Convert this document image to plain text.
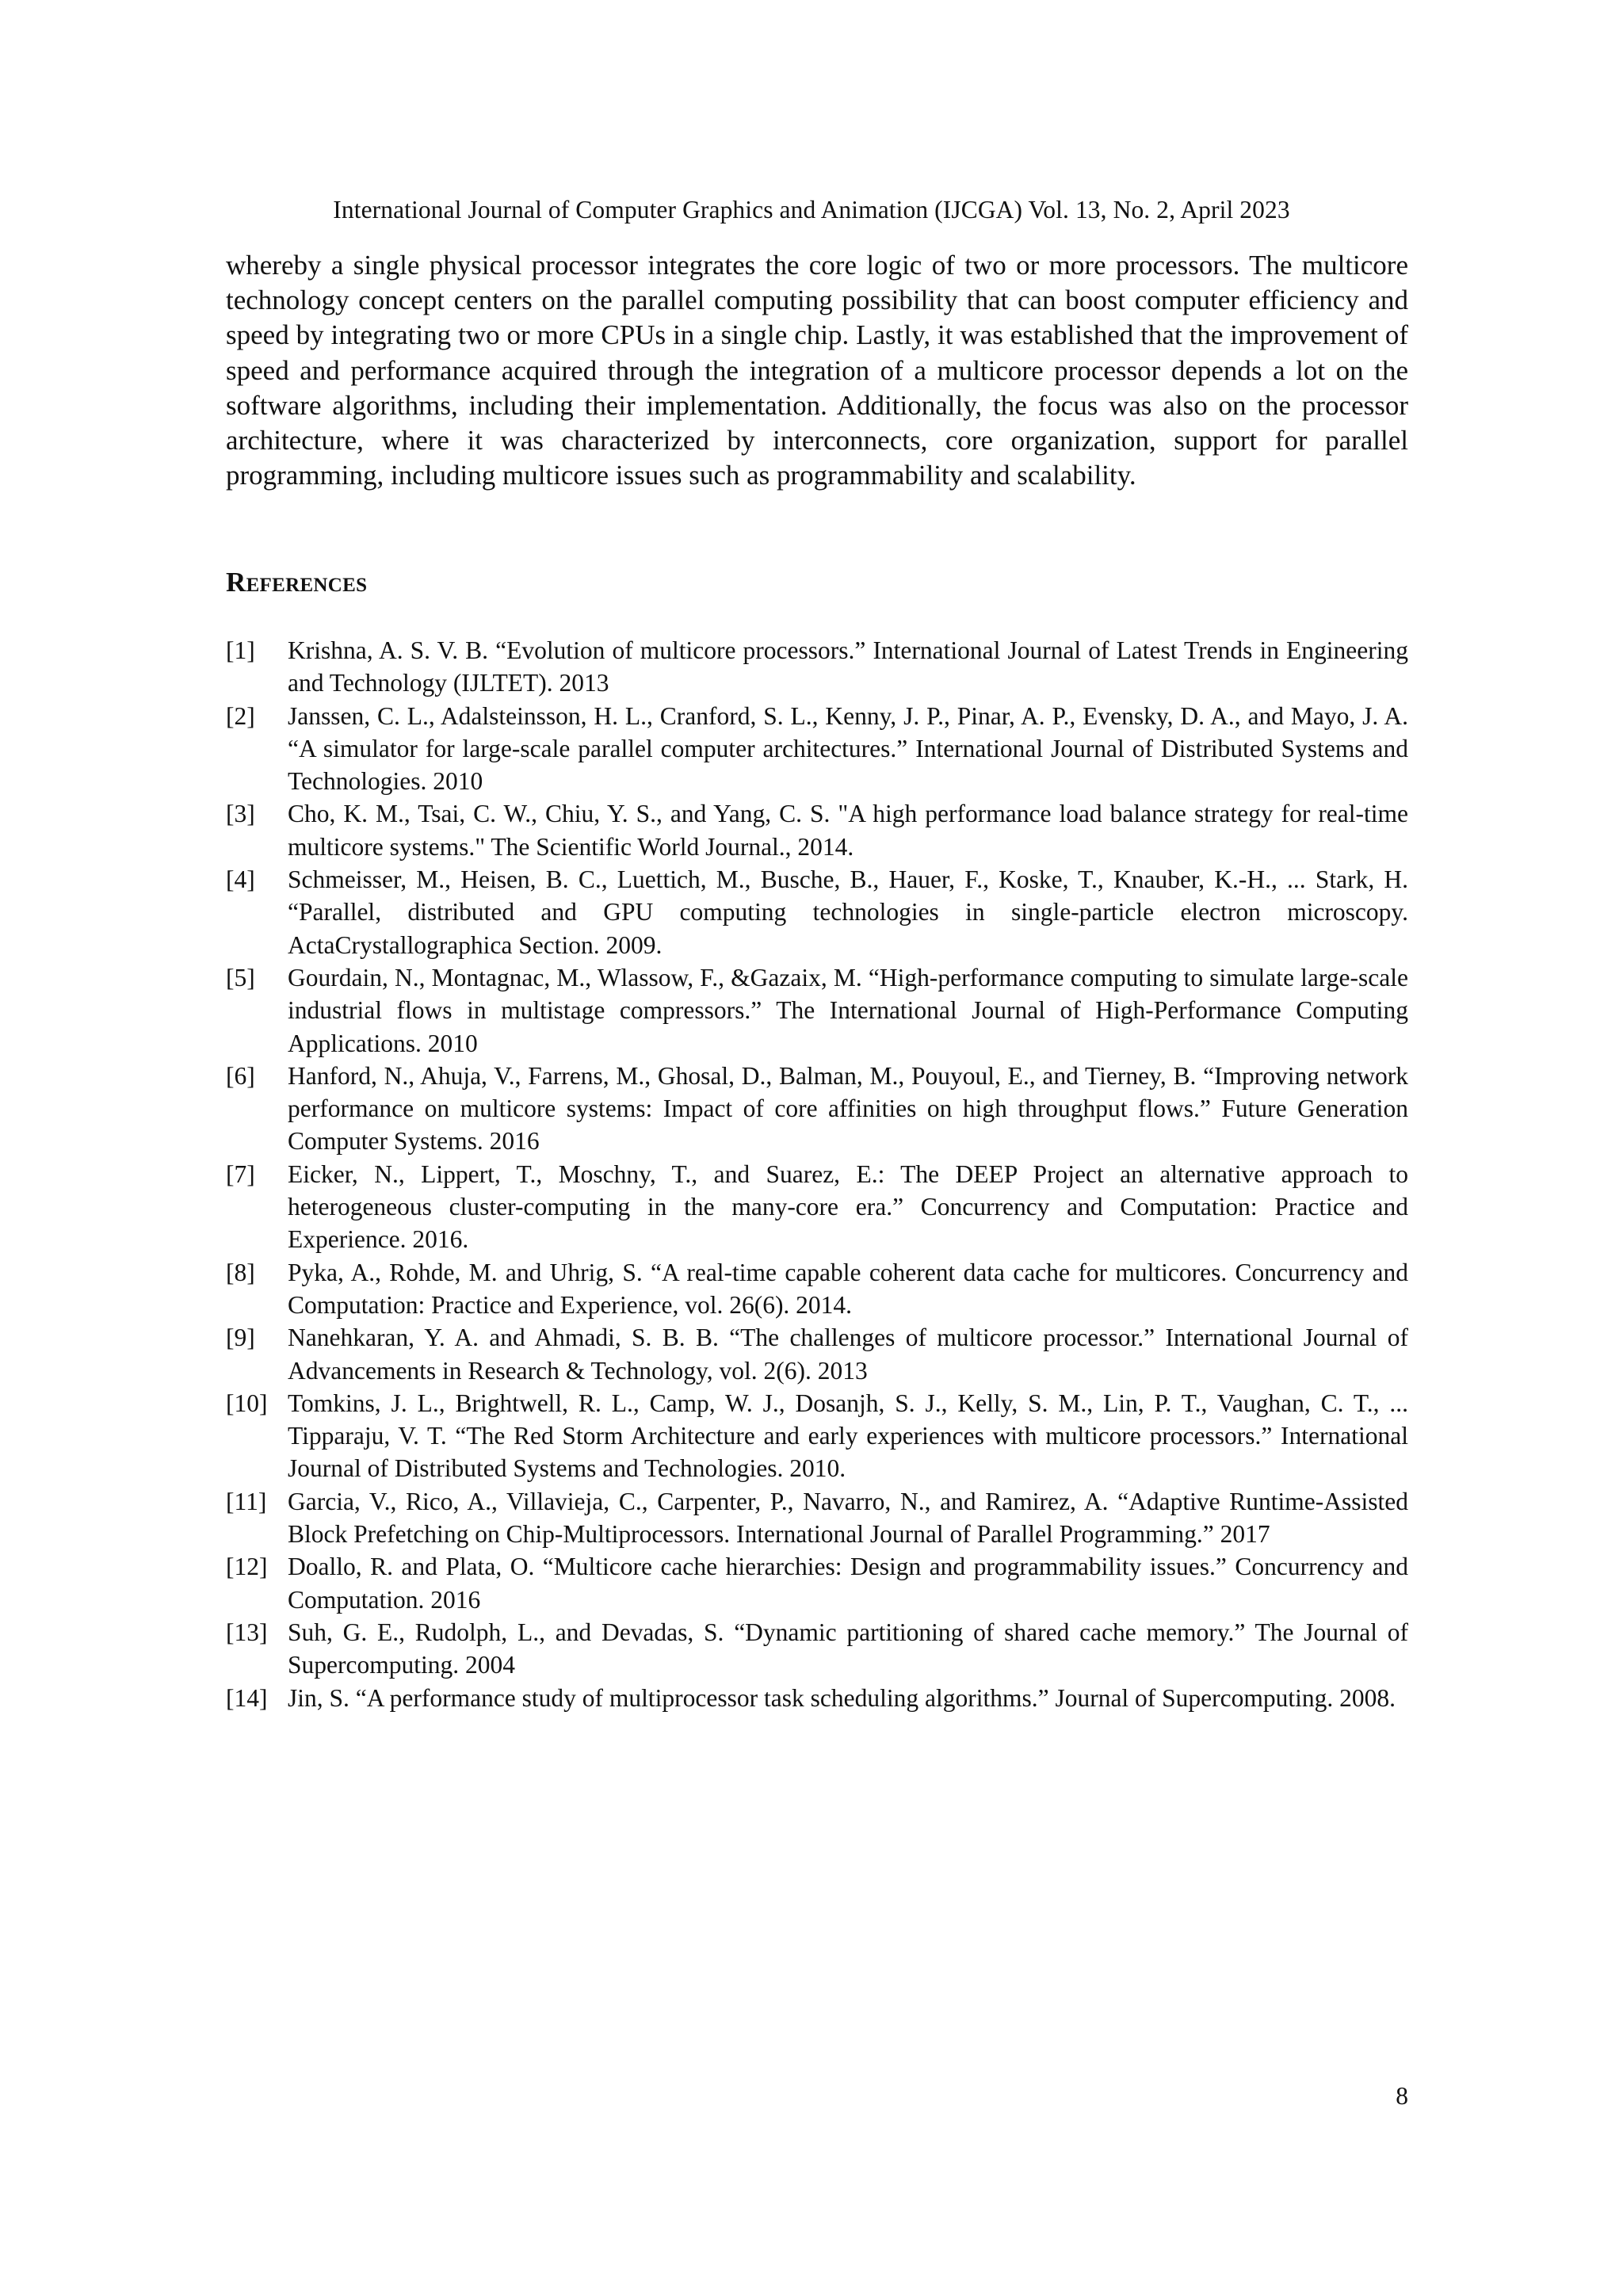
International Journal of Computer Graphics and Animation (IJCGA) Vol. 13, No. 2, April 2023

whereby a single physical processor integrates the core logic of two or more processors. The multicore technology concept centers on the parallel computing possibility that can boost computer efficiency and speed by integrating two or more CPUs in a single chip. Lastly, it was established that the improvement of speed and performance acquired through the integration of a multicore processor depends a lot on the software algorithms, including their implementation. Additionally, the focus was also on the processor architecture, where it was characterized by interconnects, core organization, support for parallel programming, including multicore issues such as programmability and scalability.

References
[1] Krishna, A. S. V. B. “Evolution of multicore processors.” International Journal of Latest Trends in Engineering and Technology (IJLTET). 2013
[2] Janssen, C. L., Adalsteinsson, H. L., Cranford, S. L., Kenny, J. P., Pinar, A. P., Evensky, D. A., and Mayo, J. A. “A simulator for large-scale parallel computer architectures.” International Journal of Distributed Systems and Technologies. 2010
[3] Cho, K. M., Tsai, C. W., Chiu, Y. S., and Yang, C. S. "A high performance load balance strategy for real-time multicore systems." The Scientific World Journal., 2014.
[4] Schmeisser, M., Heisen, B. C., Luettich, M., Busche, B., Hauer, F., Koske, T., Knauber, K.-H., ... Stark, H. “Parallel, distributed and GPU computing technologies in single-particle electron microscopy. ActaCrystallographica Section. 2009.
[5] Gourdain, N., Montagnac, M., Wlassow, F., &Gazaix, M. “High-performance computing to simulate large-scale industrial flows in multistage compressors.” The International Journal of High-Performance Computing Applications. 2010
[6] Hanford, N., Ahuja, V., Farrens, M., Ghosal, D., Balman, M., Pouyoul, E., and Tierney, B. “Improving network performance on multicore systems: Impact of core affinities on high throughput flows.” Future Generation Computer Systems. 2016
[7] Eicker, N., Lippert, T., Moschny, T., and Suarez, E.: The DEEP Project an alternative approach to heterogeneous cluster-computing in the many-core era.” Concurrency and Computation: Practice and Experience. 2016.
[8] Pyka, A., Rohde, M. and Uhrig, S. “A real-time capable coherent data cache for multicores. Concurrency and Computation: Practice and Experience, vol. 26(6). 2014.
[9] Nanehkaran, Y. A. and Ahmadi, S. B. B. “The challenges of multicore processor.” International Journal of Advancements in Research & Technology, vol. 2(6). 2013
[10] Tomkins, J. L., Brightwell, R. L., Camp, W. J., Dosanjh, S. J., Kelly, S. M., Lin, P. T., Vaughan, C. T., ... Tipparaju, V. T. “The Red Storm Architecture and early experiences with multicore processors.” International Journal of Distributed Systems and Technologies. 2010.
[11] Garcia, V., Rico, A., Villavieja, C., Carpenter, P., Navarro, N., and Ramirez, A. “Adaptive Runtime-Assisted Block Prefetching on Chip-Multiprocessors. International Journal of Parallel Programming.” 2017
[12] Doallo, R. and Plata, O. “Multicore cache hierarchies: Design and programmability issues.” Concurrency and Computation. 2016
[13] Suh, G. E., Rudolph, L., and Devadas, S. “Dynamic partitioning of shared cache memory.” The Journal of Supercomputing. 2004
[14] Jin, S. “A performance study of multiprocessor task scheduling algorithms.” Journal of Supercomputing. 2008.
8
